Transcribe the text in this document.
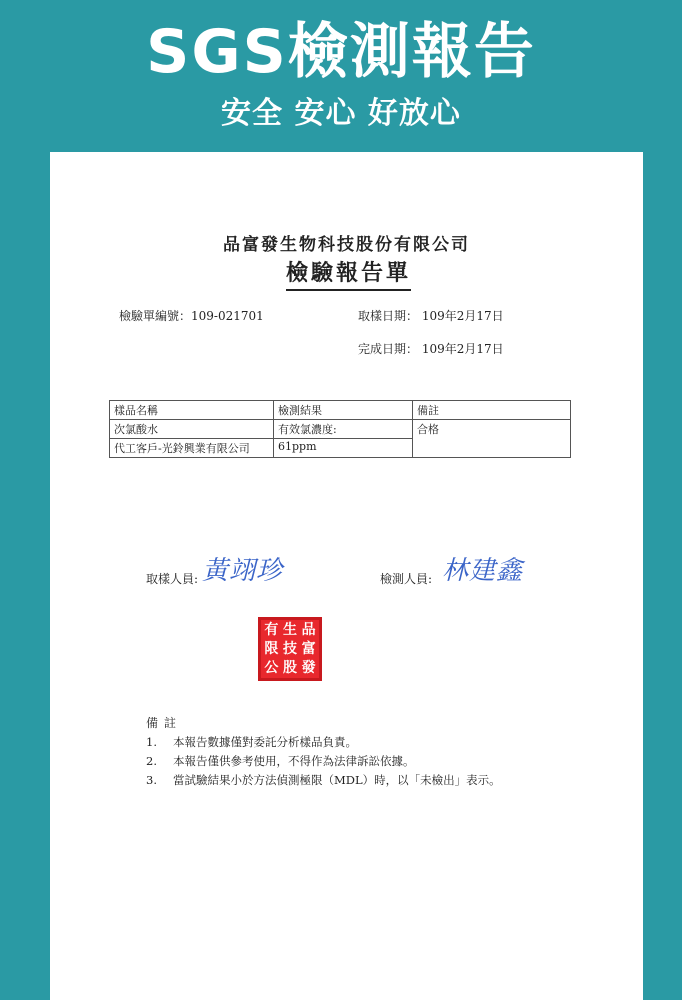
SGS檢測報告
安全 安心 好放心
品富發生物科技股份有限公司
檢驗報告單
檢驗單編號：109-021701	取樣日期： 109年2月17日
完成日期： 109年2月17日
樣品名稱	檢測結果	備註
次氯酸水	有效氯濃度:	合格
代工客戶-光鈴興業有限公司	61ppm	
取樣人員: 黃翊珍	檢測人員: 林建鑫
有 生 品
限 技 富
公 股 發
備註
1. 本報告數據僅對委託分析樣品負責。
2. 本報告僅供參考使用，不得作為法律訴訟依據。
3. 當試驗結果小於方法偵測極限（MDL）時，以「未檢出」表示。
